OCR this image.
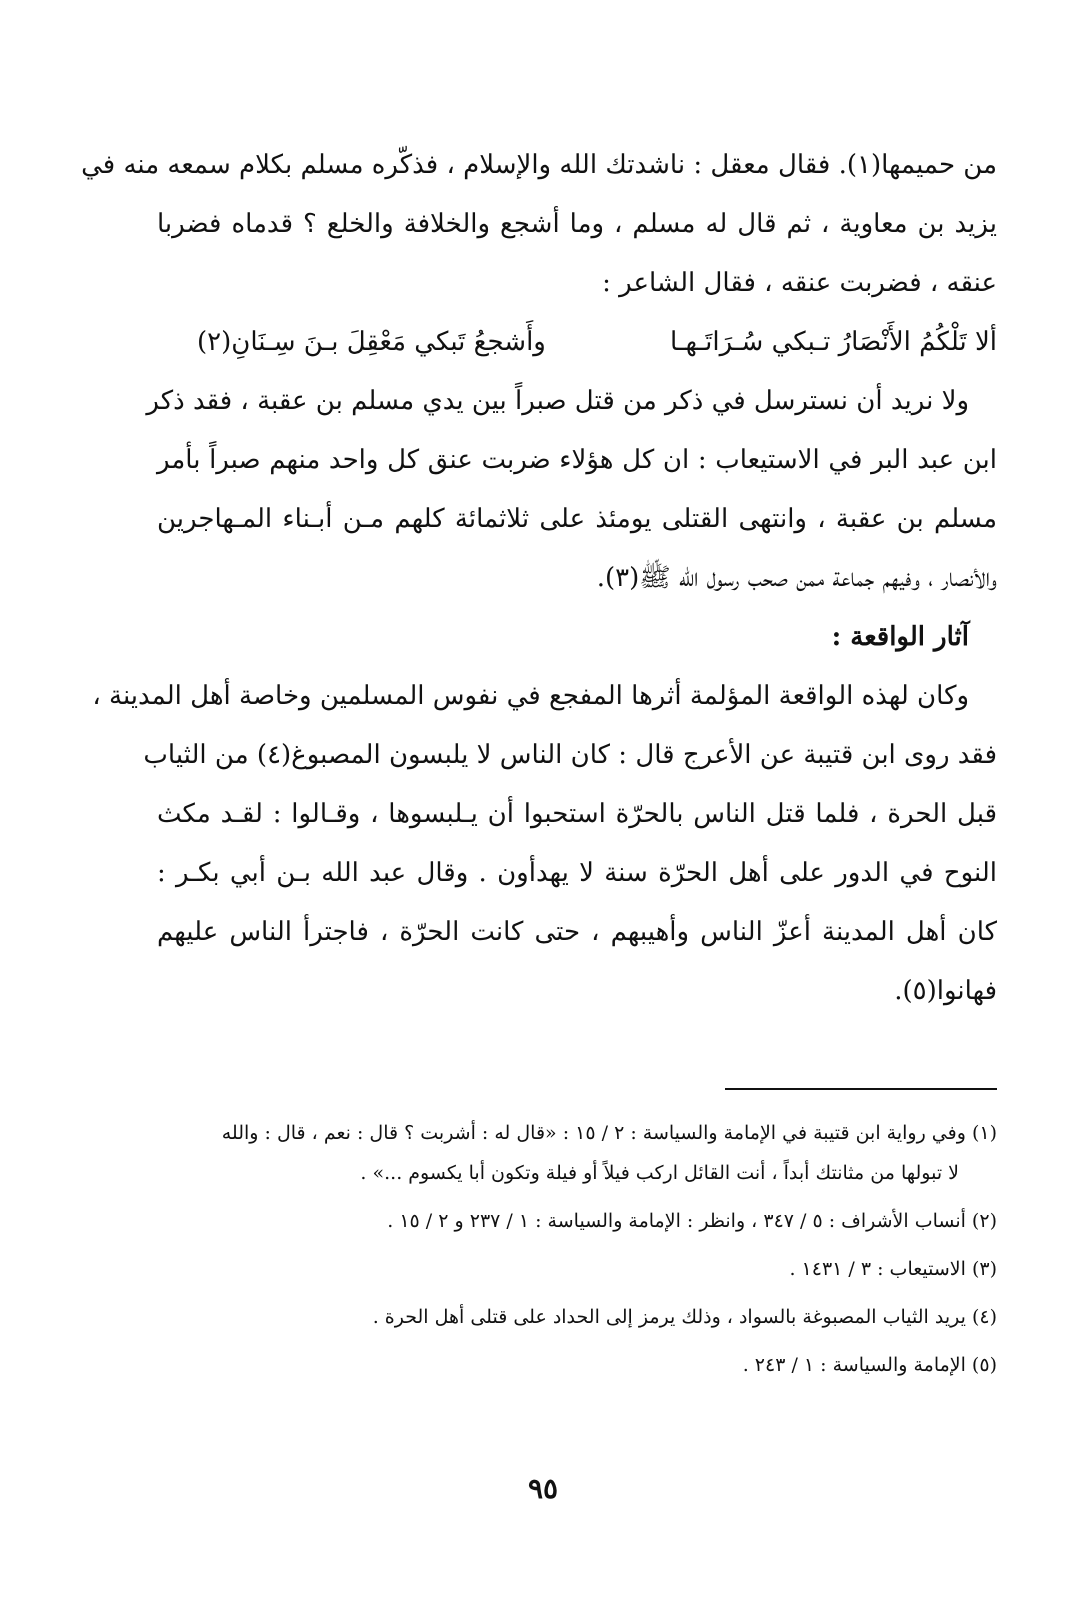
من حميمها(١). فقال معقل : ناشدتك الله والإسلام ، فذكّره مسلم بكلام سمعه منه في
يزيد بن معاوية ، ثم قال له مسلم ، وما أشجع والخلافة والخلع ؟ قدماه فضربا
عنقه ، فضربت عنقه ، فقال الشاعر :
ألا تَلْكُمُ الأَنْصَارُ تـبكي سُـرَاتَـهـا
وأَشجعُ تَبكي مَعْقِلَ بـنَ سِـنَانِ(٢)
ولا نريد أن نسترسل في ذكر من قتل صبراً بين يدي مسلم بن عقبة ، فقد ذكر
ابن عبد البر في الاستيعاب : ان كل هؤلاء ضربت عنق كل واحد منهم صبراً بأمر
مسلم بن عقبة ، وانتهى القتلى يومئذ على ثلاثمائة كلهم مـن أبـناء المـهاجرين
والأنصار ، وفيهم جماعة ممن صحب رسول الله ﷺ(٣).
آثار الواقعة :
وكان لهذه الواقعة المؤلمة أثرها المفجع في نفوس المسلمين وخاصة أهل المدينة ،
فقد روى ابن قتيبة عن الأعرج قال : كان الناس لا يلبسون المصبوغ(٤) من الثياب
قبل الحرة ، فلما قتل الناس بالحرّة استحبوا أن يـلبسوها ، وقـالوا : لقـد مكث
النوح في الدور على أهل الحرّة سنة لا يهدأون . وقال عبد الله بـن أبي بكـر :
كان أهل المدينة أعزّ الناس وأهيبهم ، حتى كانت الحرّة ، فاجترأ الناس عليهم
فهانوا(٥).
(١) وفي رواية ابن قتيبة في الإمامة والسياسة : ٢ / ١٥ : «قال له : أشربت ؟ قال : نعم ، قال : والله
لا تبولها من مثانتك أبداً ، أنت القائل اركب فيلاً أو فيلة وتكون أبا يكسوم ...» .
(٢) أنساب الأشراف : ٥ / ٣٤٧ ، وانظر : الإمامة والسياسة : ١ / ٢٣٧ و ٢ / ١٥ .
(٣) الاستيعاب : ٣ / ١٤٣١ .
(٤) يريد الثياب المصبوغة بالسواد ، وذلك يرمز إلى الحداد على قتلى أهل الحرة .
(٥) الإمامة والسياسة : ١ / ٢٤٣ .
٩٥
